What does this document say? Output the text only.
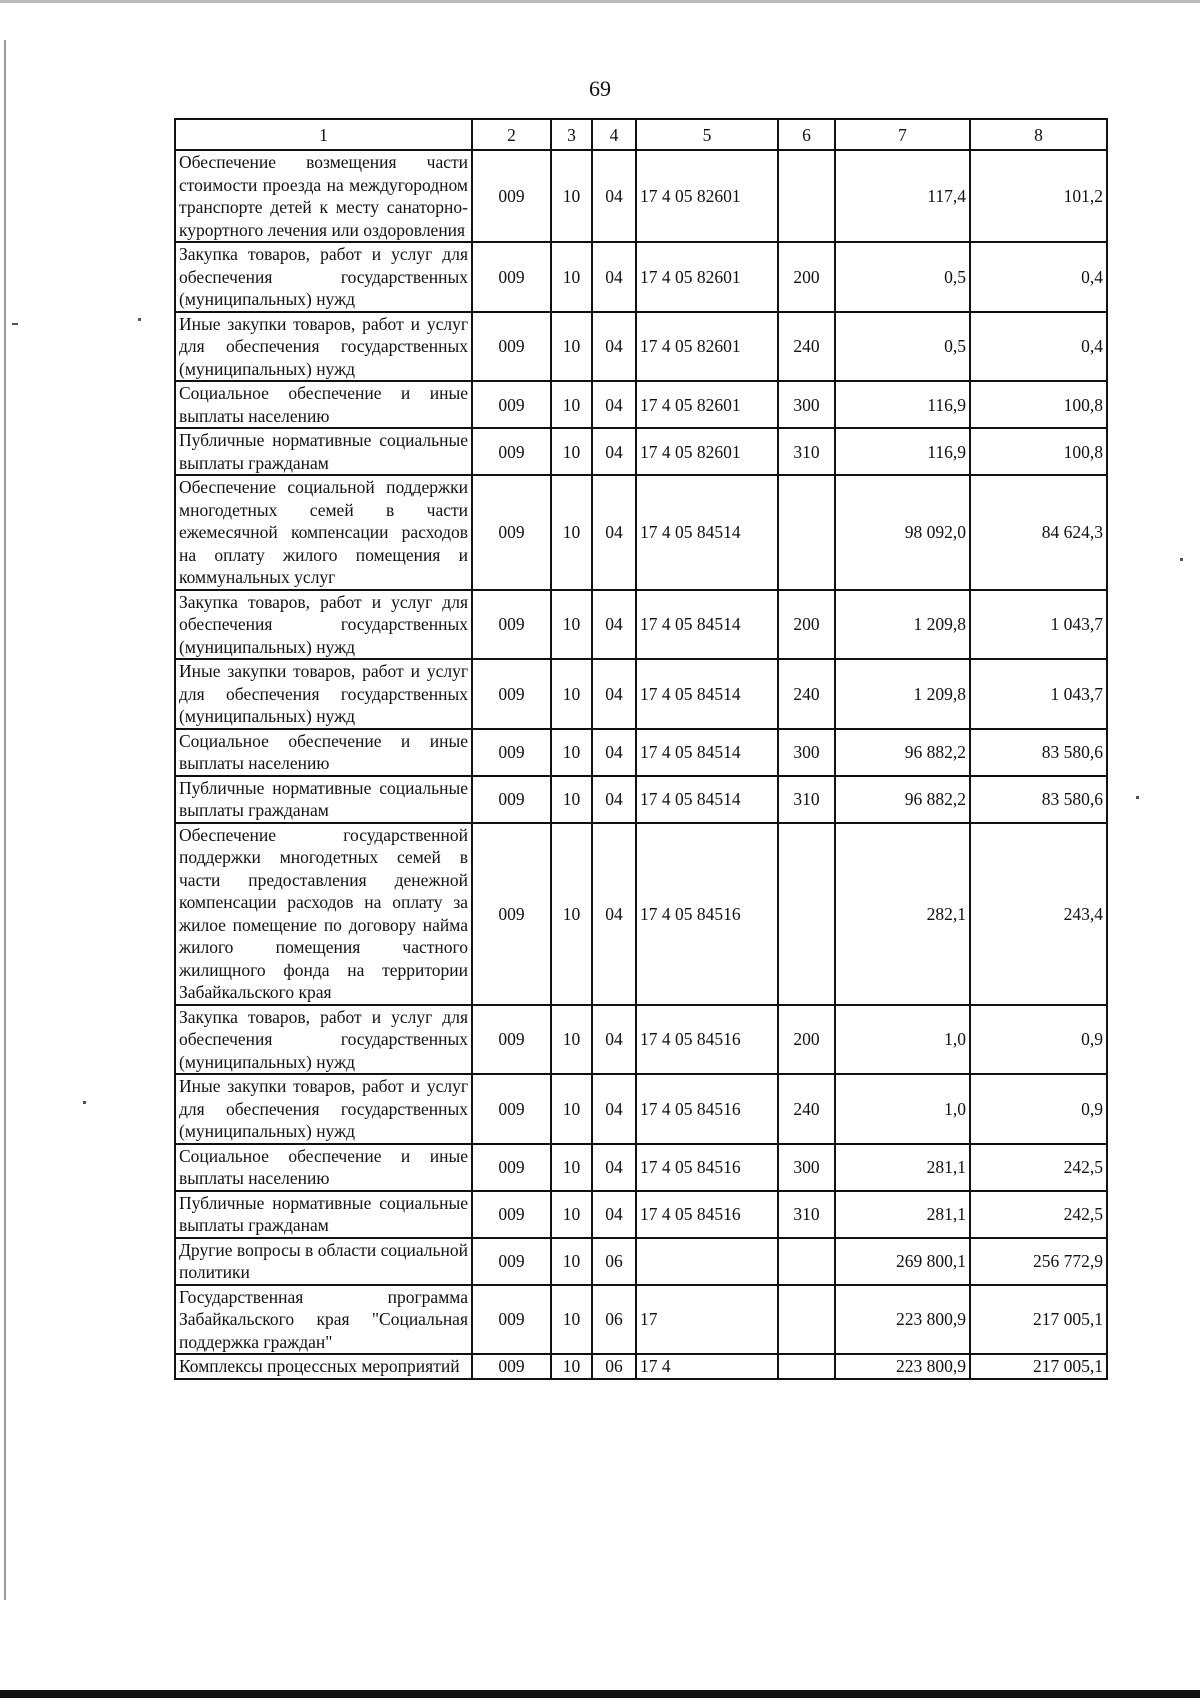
69
1	2	3	4	5	6	7	8
Обеспечение возмещения части стоимости проезда на междугородном транспорте детей к месту санаторно-курортного лечения или оздоровления	009	10	04	17 4 05 82601		117,4	101,2
Закупка товаров, работ и услуг для обеспечения государственных (муниципальных) нужд	009	10	04	17 4 05 82601	200	0,5	0,4
Иные закупки товаров, работ и услуг для обеспечения государственных (муниципальных) нужд	009	10	04	17 4 05 82601	240	0,5	0,4
Социальное обеспечение и иные выплаты населению	009	10	04	17 4 05 82601	300	116,9	100,8
Публичные нормативные социальные выплаты гражданам	009	10	04	17 4 05 82601	310	116,9	100,8
Обеспечение социальной поддержки многодетных семей в части ежемесячной компенсации расходов на оплату жилого помещения и коммунальных услуг	009	10	04	17 4 05 84514		98 092,0	84 624,3
Закупка товаров, работ и услуг для обеспечения государственных (муниципальных) нужд	009	10	04	17 4 05 84514	200	1 209,8	1 043,7
Иные закупки товаров, работ и услуг для обеспечения государственных (муниципальных) нужд	009	10	04	17 4 05 84514	240	1 209,8	1 043,7
Социальное обеспечение и иные выплаты населению	009	10	04	17 4 05 84514	300	96 882,2	83 580,6
Публичные нормативные социальные выплаты гражданам	009	10	04	17 4 05 84514	310	96 882,2	83 580,6
Обеспечение государственной поддержки многодетных семей в части предоставления денежной компенсации расходов на оплату за жилое помещение по договору найма жилого помещения частного жилищного фонда на территории Забайкальского края	009	10	04	17 4 05 84516		282,1	243,4
Закупка товаров, работ и услуг для обеспечения государственных (муниципальных) нужд	009	10	04	17 4 05 84516	200	1,0	0,9
Иные закупки товаров, работ и услуг для обеспечения государственных (муниципальных) нужд	009	10	04	17 4 05 84516	240	1,0	0,9
Социальное обеспечение и иные выплаты населению	009	10	04	17 4 05 84516	300	281,1	242,5
Публичные нормативные социальные выплаты гражданам	009	10	04	17 4 05 84516	310	281,1	242,5
Другие вопросы в области социальной политики	009	10	06			269 800,1	256 772,9
Государственная программа Забайкальского края "Социальная поддержка граждан"	009	10	06	17		223 800,9	217 005,1
Комплексы процессных мероприятий	009	10	06	17 4		223 800,9	217 005,1
